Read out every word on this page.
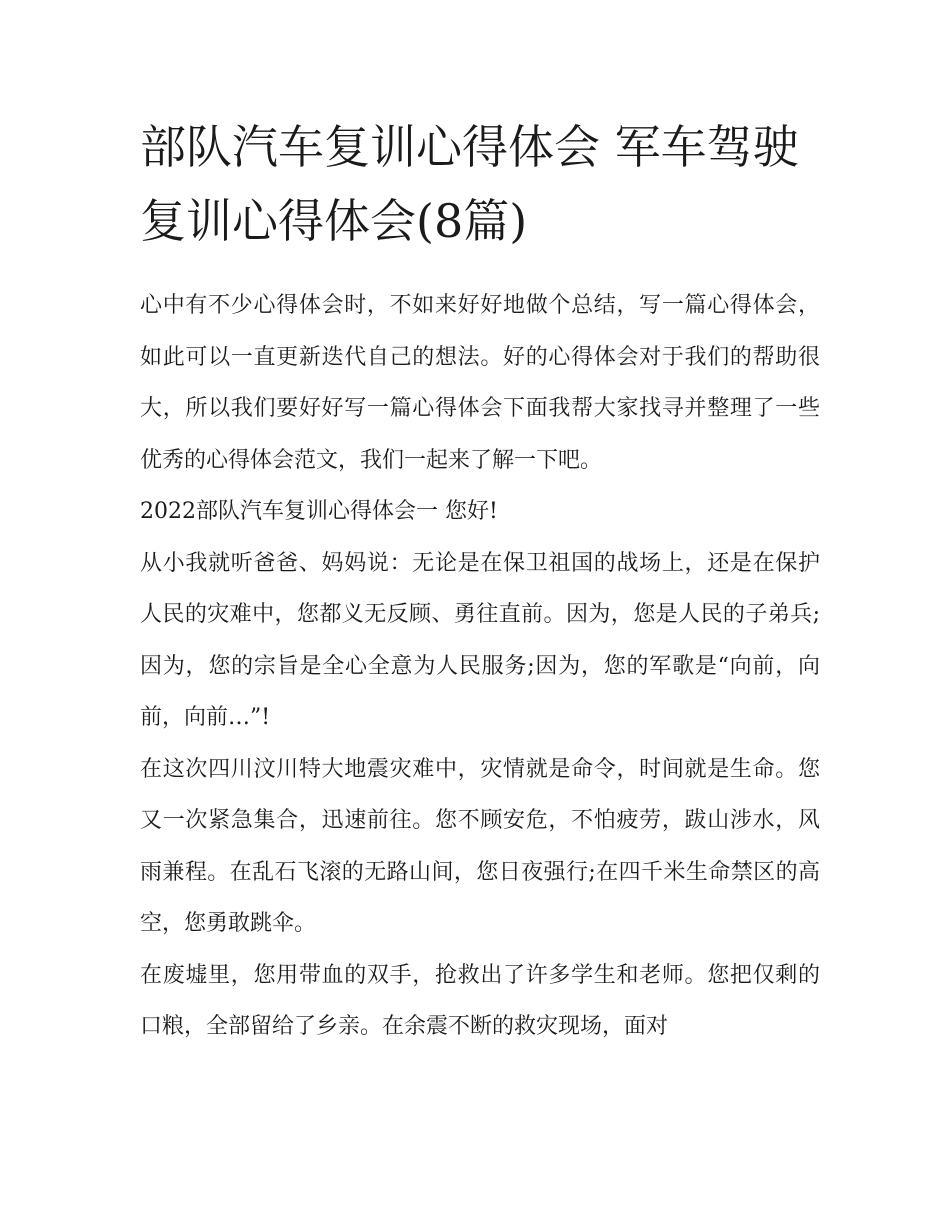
部队汽车复训心得体会 军车驾驶复训心得体会(8篇)

心中有不少心得体会时，不如来好好地做个总结，写一篇心得体会，如此可以一直更新迭代自己的想法。好的心得体会对于我们的帮助很大，所以我们要好好写一篇心得体会下面我帮大家找寻并整理了一些优秀的心得体会范文，我们一起来了解一下吧。

2022部队汽车复训心得体会一 您好!

从小我就听爸爸、妈妈说：无论是在保卫祖国的战场上，还是在保护人民的灾难中，您都义无反顾、勇往直前。因为，您是人民的子弟兵;因为，您的宗旨是全心全意为人民服务;因为，您的军歌是“向前，向前，向前…”!

在这次四川汶川特大地震灾难中，灾情就是命令，时间就是生命。您又一次紧急集合，迅速前往。您不顾安危，不怕疲劳，跋山涉水，风雨兼程。在乱石飞滚的无路山间，您日夜强行;在四千米生命禁区的高空，您勇敢跳伞。

在废墟里，您用带血的双手，抢救出了许多学生和老师。您把仅剩的口粮，全部留给了乡亲。在余震不断的救灾现场，面对
